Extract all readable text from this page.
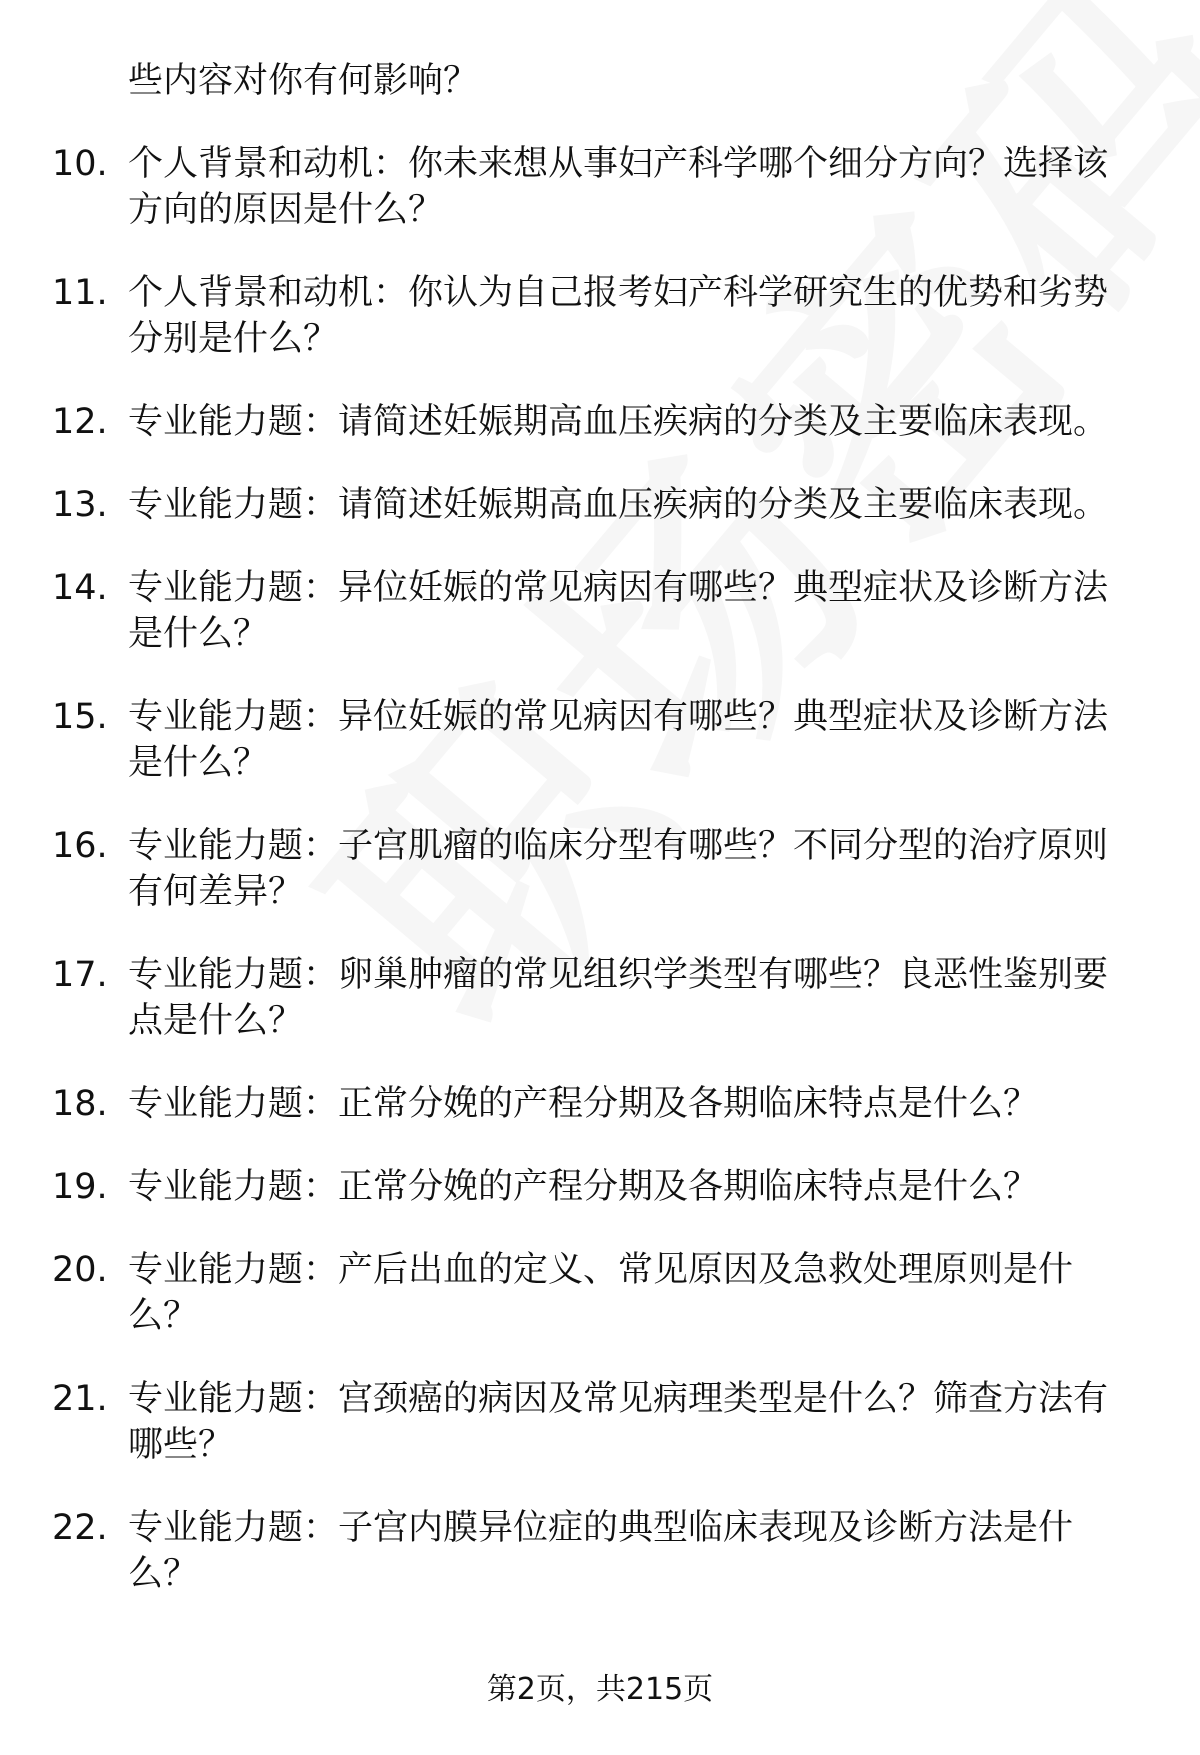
些内容对你有何影响？
10. 个人背景和动机：你未来想从事妇产科学哪个细分方向？选择该方向的原因是什么？
11. 个人背景和动机：你认为自己报考妇产科学研究生的优势和劣势分别是什么？
12. 专业能力题：请简述妊娠期高血压疾病的分类及主要临床表现。
13. 专业能力题：请简述妊娠期高血压疾病的分类及主要临床表现。
14. 专业能力题：异位妊娠的常见病因有哪些？典型症状及诊断方法是什么？
15. 专业能力题：异位妊娠的常见病因有哪些？典型症状及诊断方法是什么？
16. 专业能力题：子宫肌瘤的临床分型有哪些？不同分型的治疗原则有何差异？
17. 专业能力题：卵巢肿瘤的常见组织学类型有哪些？良恶性鉴别要点是什么？
18. 专业能力题：正常分娩的产程分期及各期临床特点是什么？
19. 专业能力题：正常分娩的产程分期及各期临床特点是什么？
20. 专业能力题：产后出血的定义、常见原因及急救处理原则是什么？
21. 专业能力题：宫颈癌的病因及常见病理类型是什么？筛查方法有哪些？
22. 专业能力题：子宫内膜异位症的典型临床表现及诊断方法是什么？
第2页，共215页
